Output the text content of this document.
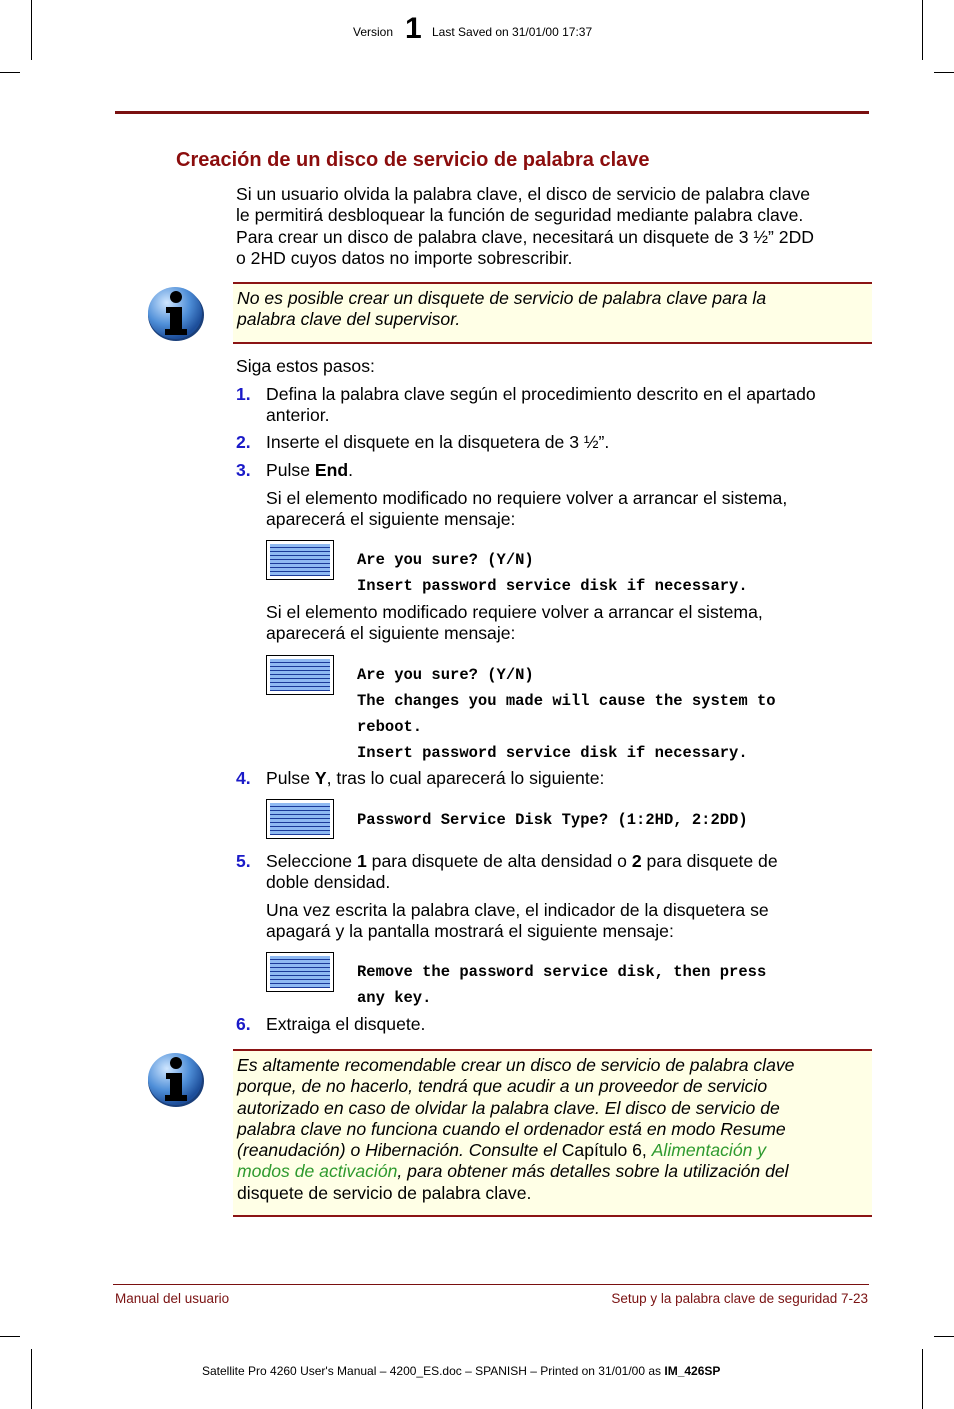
Version 1 Last Saved on 31/01/00 17:37
Creación de un disco de servicio de palabra clave
Si un usuario olvida la palabra clave, el disco de servicio de palabra clave
le permitirá desbloquear la función de seguridad mediante palabra clave.
Para crear un disco de palabra clave, necesitará un disquete de 3 ½” 2DD
o 2HD cuyos datos no importe sobrescribir.
No es posible crear un disquete de servicio de palabra clave para la
palabra clave del supervisor.
Siga estos pasos:
1. Defina la palabra clave según el procedimiento descrito en el apartado
anterior.
2. Inserte el disquete en la disquetera de 3 ½”.
3. Pulse End.
Si el elemento modificado no requiere volver a arrancar el sistema,
aparecerá el siguiente mensaje:
Are you sure? (Y/N)
Insert password service disk if necessary.
Si el elemento modificado requiere volver a arrancar el sistema,
aparecerá el siguiente mensaje:
Are you sure? (Y/N)
The changes you made will cause the system to
reboot.
Insert password service disk if necessary.
4. Pulse Y, tras lo cual aparecerá lo siguiente:
Password Service Disk Type? (1:2HD, 2:2DD)
5. Seleccione 1 para disquete de alta densidad o 2 para disquete de
doble densidad.
Una vez escrita la palabra clave, el indicador de la disquetera se
apagará y la pantalla mostrará el siguiente mensaje:
Remove the password service disk, then press
any key.
6. Extraiga el disquete.
Es altamente recomendable crear un disco de servicio de palabra clave
porque, de no hacerlo, tendrá que acudir a un proveedor de servicio
autorizado en caso de olvidar la palabra clave. El disco de servicio de
palabra clave no funciona cuando el ordenador está en modo Resume
(reanudación) o Hibernación. Consulte el Capítulo 6, Alimentación y
modos de activación, para obtener más detalles sobre la utilización del
disquete de servicio de palabra clave.
Manual del usuario	Setup y la palabra clave de seguridad 7-23
Satellite Pro 4260 User's Manual – 4200_ES.doc – SPANISH – Printed on 31/01/00 as IM_426SP
